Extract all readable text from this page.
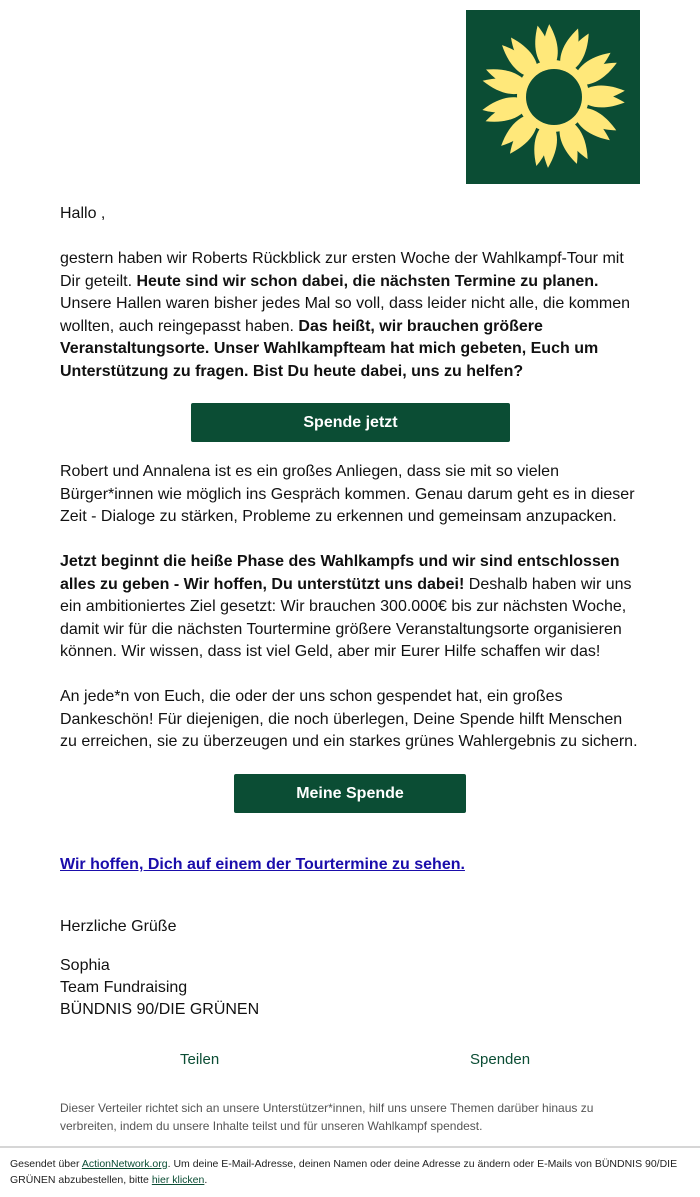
Hallo ,

gestern haben wir Roberts Rückblick zur ersten Woche der Wahlkampf-Tour mit Dir geteilt. Heute sind wir schon dabei, die nächsten Termine zu planen. Unsere Hallen waren bisher jedes Mal so voll, dass leider nicht alle, die kommen wollten, auch reingepasst haben. Das heißt, wir brauchen größere Veranstaltungsorte. Unser Wahlkampfteam hat mich gebeten, Euch um Unterstützung zu fragen. Bist Du heute dabei, uns zu helfen?

Spende jetzt

Robert und Annalena ist es ein großes Anliegen, dass sie mit so vielen Bürger*innen wie möglich ins Gespräch kommen. Genau darum geht es in dieser Zeit - Dialoge zu stärken, Probleme zu erkennen und gemeinsam anzupacken.

Jetzt beginnt die heiße Phase des Wahlkampfs und wir sind entschlossen alles zu geben - Wir hoffen, Du unterstützt uns dabei! Deshalb haben wir uns ein ambitioniertes Ziel gesetzt: Wir brauchen 300.000€ bis zur nächsten Woche, damit wir für die nächsten Tourtermine größere Veranstaltungsorte organisieren können. Wir wissen, dass ist viel Geld, aber mir Eurer Hilfe schaffen wir das!

An jede*n von Euch, die oder der uns schon gespendet hat, ein großes Dankeschön! Für diejenigen, die noch überlegen, Deine Spende hilft Menschen zu erreichen, sie zu überzeugen und ein starkes grünes Wahlergebnis zu sichern.

Meine Spende
Wir hoffen, Dich auf einem der Tourtermine zu sehen.
Herzliche Grüße
Sophia
Team Fundraising
BÜNDNIS 90/DIE GRÜNEN
Teilen	Spenden

Dieser Verteiler richtet sich an unsere Unterstützer*innen, hilf uns unsere Themen darüber hinaus zu verbreiten, indem du unsere Inhalte teilst und für unseren Wahlkampf spendest.

Gesendet über ActionNetwork.org. Um deine E-Mail-Adresse, deinen Namen oder deine Adresse zu ändern oder E-Mails von BÜNDNIS 90/DIE GRÜNEN abzubestellen, bitte hier klicken.
